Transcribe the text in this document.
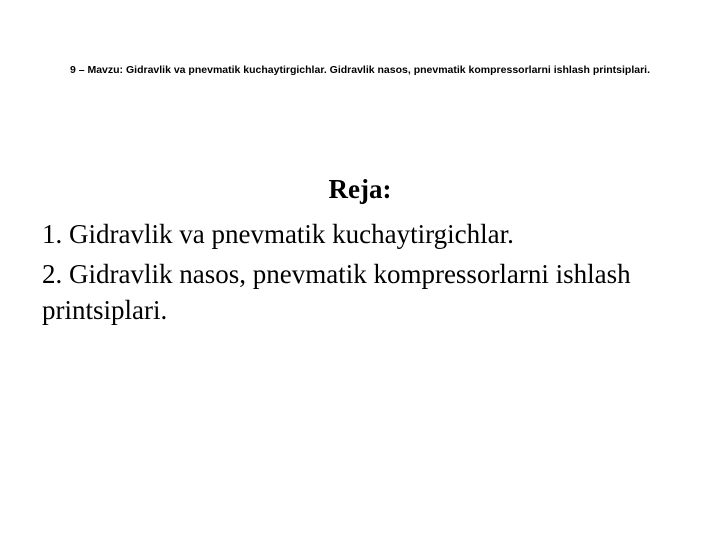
9 – Mavzu: Gidravlik va pnevmatik kuchaytirgichlar. Gidravlik nasos, pnevmatik kompressorlarni ishlash printsiplari.
Reja:
1. Gidravlik va pnevmatik kuchaytirgichlar.
2. Gidravlik nasos, pnevmatik kompressorlarni ishlash printsiplari.
